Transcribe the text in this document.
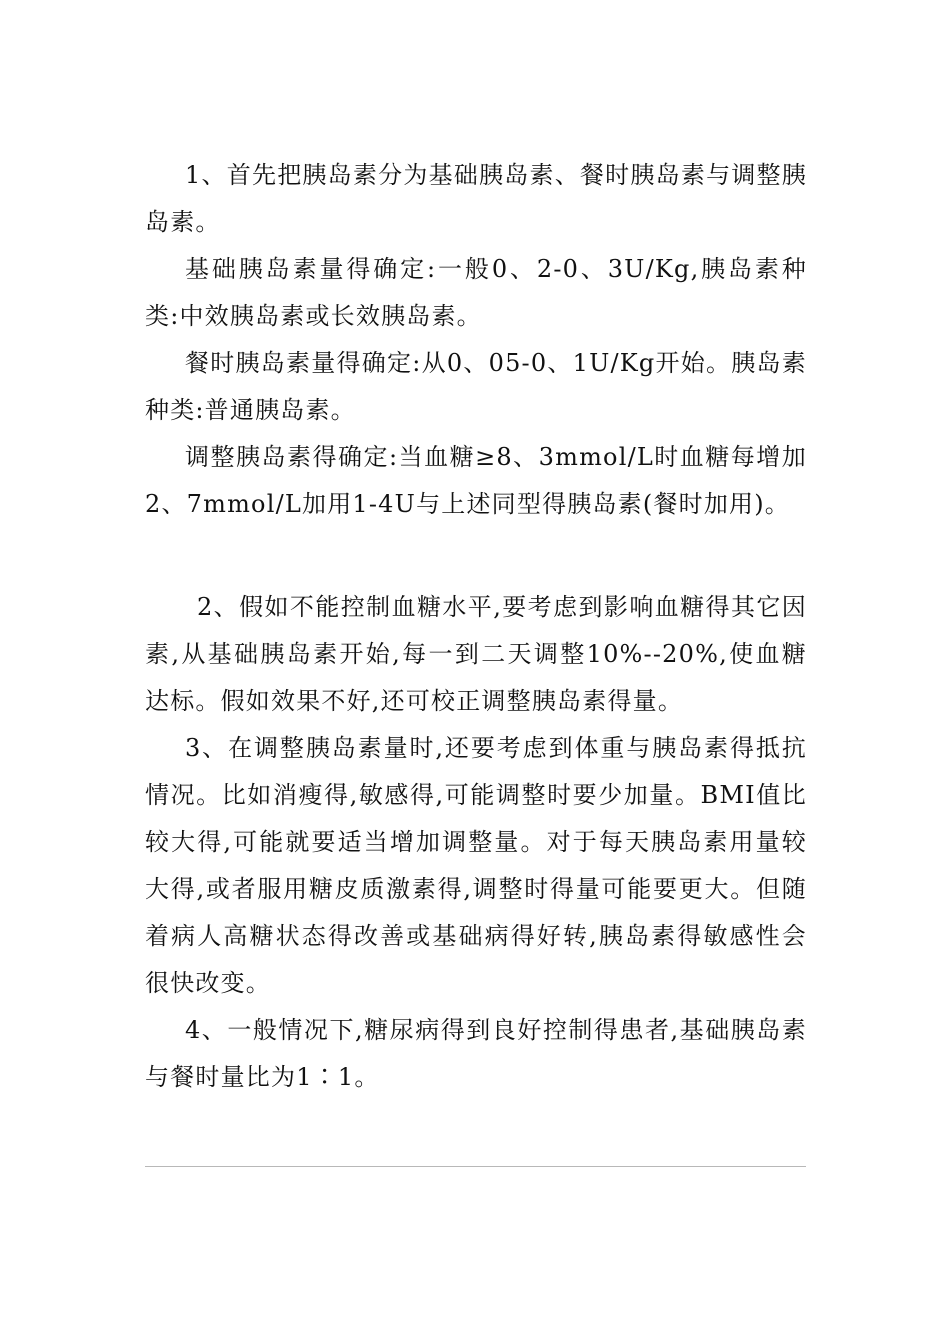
1、首先把胰岛素分为基础胰岛素、餐时胰岛素与调整胰岛素。

基础胰岛素量得确定:一般0、2-0、3U/Kg,胰岛素种类:中效胰岛素或长效胰岛素。

餐时胰岛素量得确定:从0、05-0、1U/Kg开始。胰岛素种类:普通胰岛素。

调整胰岛素得确定:当血糖≥8、3mmol/L时血糖每增加2、7mmol/L加用1-4U与上述同型得胰岛素(餐时加用)。

2、假如不能控制血糖水平,要考虑到影响血糖得其它因素,从基础胰岛素开始,每一到二天调整10%--20%,使血糖达标。假如效果不好,还可校正调整胰岛素得量。

3、在调整胰岛素量时,还要考虑到体重与胰岛素得抵抗情况。比如消瘦得,敏感得,可能调整时要少加量。BMI值比较大得,可能就要适当增加调整量。对于每天胰岛素用量较大得,或者服用糖皮质激素得,调整时得量可能要更大。但随着病人高糖状态得改善或基础病得好转,胰岛素得敏感性会很快改变。

4、一般情况下,糖尿病得到良好控制得患者,基础胰岛素与餐时量比为1∶1。
